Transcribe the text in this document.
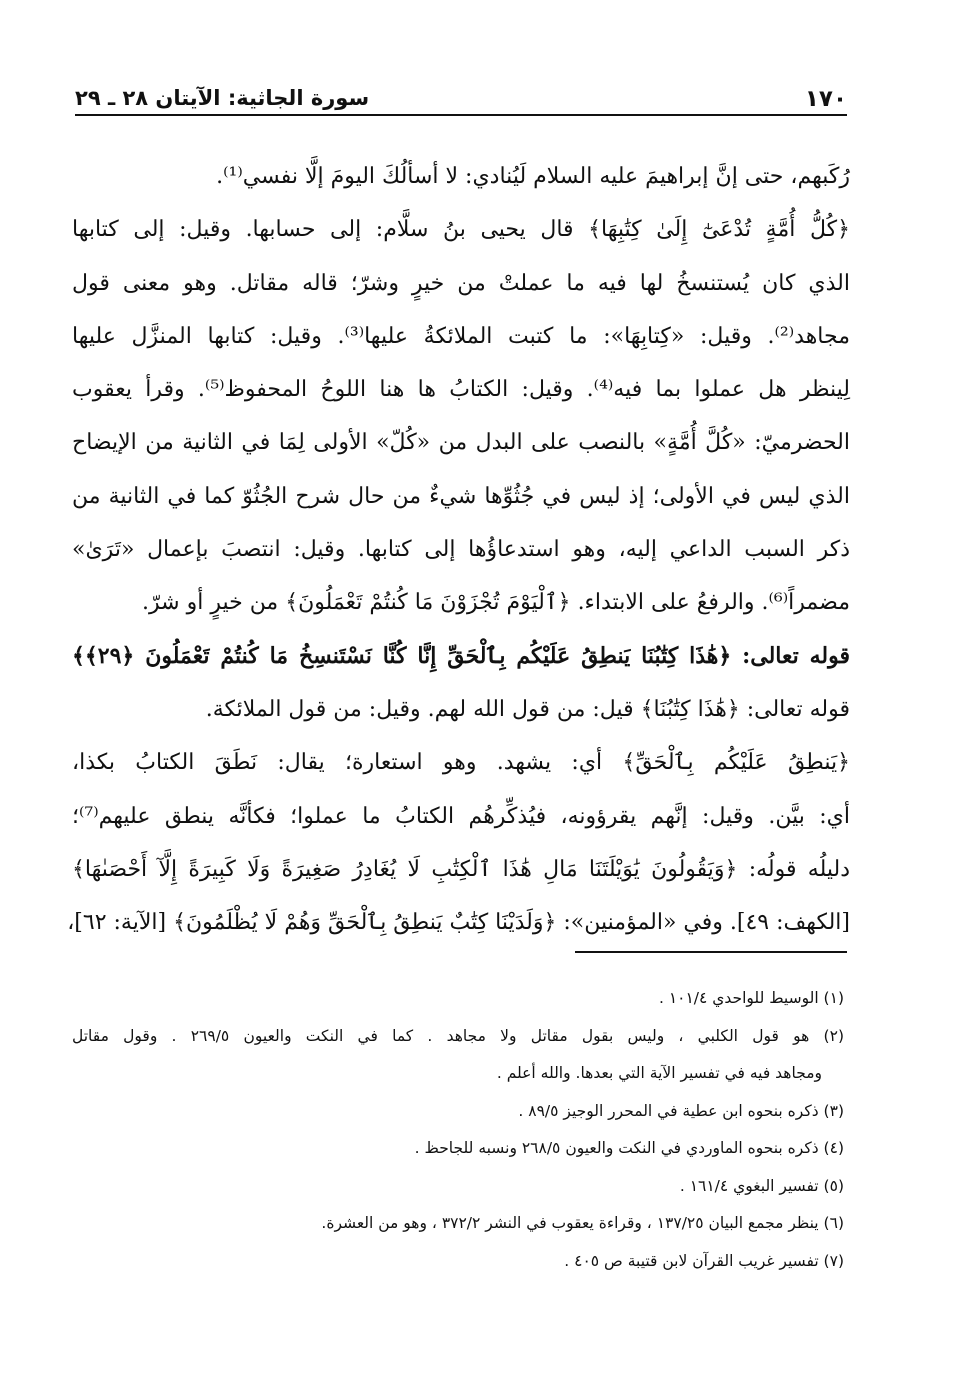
١٧٠
سورة الجاثية: الآيتان ٢٨ ـ ٢٩
رُكَبهم، حتى إنَّ إبراهيمَ عليه السلام لَيُنادي: لا أسألُكَ اليومَ إلَّا نفسي⁽¹⁾.
﴿كُلُّ أُمَّةٍ تُدْعَىٰٓ إِلَىٰ كِتَٰبِهَا﴾ قال يحيى بنُ سلَّام: إلى حسابها. وقيل: إلى كتابها
الذي كان يُستنسخُ لها فيه ما عملتْ من خيرٍ وشرّ؛ قاله مقاتل. وهو معنى قول
مجاهد⁽²⁾. وقيل: «كِتابِهَا»: ما كتبت الملائكةُ عليها⁽³⁾. وقيل: كتابها المنزَّل عليها
لِينظر هل عملوا بما فيه⁽⁴⁾. وقيل: الكتابُ ها هنا اللوحُ المحفوظ⁽⁵⁾. وقرأ يعقوب
الحضرميّ: «كُلَّ أُمَّةٍ» بالنصب على البدل من «كُلّ» الأولى لِمَا في الثانية من الإيضاح
الذي ليس في الأولى؛ إذ ليس في جُثُوِّها شيءٌ من حال شرح الجُثُوّ كما في الثانية من
ذكر السبب الداعي إليه، وهو استدعاؤُها إلى كتابها. وقيل: انتصبَ بإعمال «تَرَىٰ»
مضمراً⁽⁶⁾. والرفعُ على الابتداء. ﴿ٱلْيَوْمَ تُجْزَوْنَ مَا كُنتُمْ تَعْمَلُونَ﴾ من خيرٍ أو شرّ.
قوله تعالى: ﴿هَٰذَا كِتَٰبُنَا يَنطِقُ عَلَيْكُم بِٱلْحَقِّ إِنَّا كُنَّا نَسْتَنسِخُ مَا كُنتُمْ تَعْمَلُونَ ﴿٢٩﴾﴾
قوله تعالى: ﴿هَٰذَا كِتَٰبُنَا﴾ قيل: من قول الله لهم. وقيل: من قول الملائكة.
﴿يَنطِقُ عَلَيْكُم بِٱلْحَقِّ﴾ أي: يشهد. وهو استعارة؛ يقال: نَطَقَ الكتابُ بكذا،
أي: بيَّن. وقيل: إنَّهم يقرؤونه، فيُذكِّرهُم الكتابُ ما عملوا؛ فكأنَّه ينطق عليهم⁽⁷⁾؛
دليلُه قولُه: ﴿وَيَقُولُونَ يَٰوَيْلَتَنَا مَالِ هَٰذَا ٱلْكِتَٰبِ لَا يُغَادِرُ صَغِيرَةً وَلَا كَبِيرَةً إِلَّآ أَحْصَىٰهَا﴾
[الكهف: ٤٩]. وفي «المؤمنين»: ﴿وَلَدَيْنَا كِتَٰبٌ يَنطِقُ بِٱلْحَقِّ وَهُمْ لَا يُظْلَمُونَ﴾ [الآية: ٦٢]،
(١) الوسيط للواحدي ١٠١/٤ .
(٢) هو قول الكلبي ، وليس بقول مقاتل ولا مجاهد . كما في النكت والعيون ٢٦٩/٥ . وقول مقاتل
ومجاهد فيه في تفسير الآية التي بعدها. والله أعلم .
(٣) ذكره بنحوه ابن عطية في المحرر الوجيز ٨٩/٥ .
(٤) ذكره بنحوه الماوردي في النكت والعيون ٢٦٨/٥ ونسبه للجاحظ .
(٥) تفسير البغوي ١٦١/٤ .
(٦) ينظر مجمع البيان ١٣٧/٢٥ ، وقراءة يعقوب في النشر ٣٧٢/٢ ، وهو من العشرة.
(٧) تفسير غريب القرآن لابن قتيبة ص ٤٠٥ .
